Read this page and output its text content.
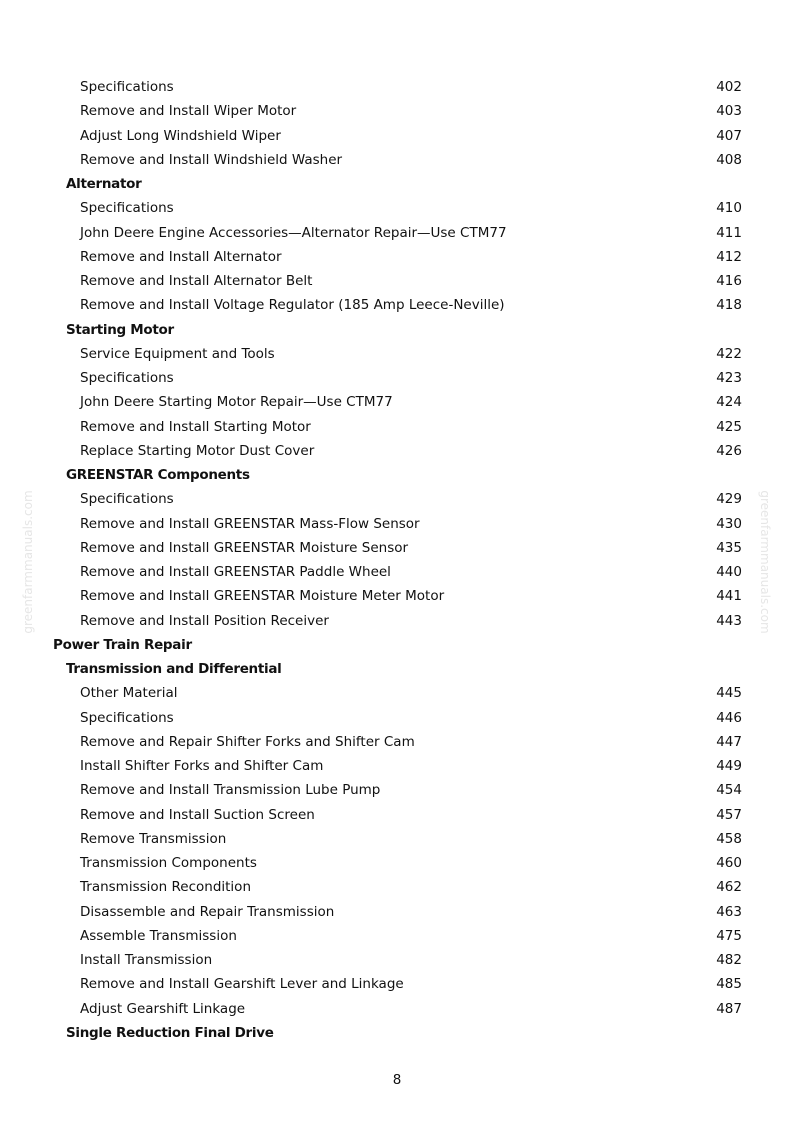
greenfarmmanuals.com	greenfarmmanuals.com
Specifications	402
Remove and Install Wiper Motor	403
Adjust Long Windshield Wiper	407
Remove and Install Windshield Washer	408
Alternator
Specifications	410
John Deere Engine Accessories—Alternator Repair—Use CTM77	411
Remove and Install Alternator	412
Remove and Install Alternator Belt	416
Remove and Install Voltage Regulator (185 Amp Leece-Neville)	418
Starting Motor
Service Equipment and Tools	422
Specifications	423
John Deere Starting Motor Repair—Use CTM77	424
Remove and Install Starting Motor	425
Replace Starting Motor Dust Cover	426
GREENSTAR Components
Specifications	429
Remove and Install GREENSTAR Mass-Flow Sensor	430
Remove and Install GREENSTAR Moisture Sensor	435
Remove and Install GREENSTAR Paddle Wheel	440
Remove and Install GREENSTAR Moisture Meter Motor	441
Remove and Install Position Receiver	443
Power Train Repair
Transmission and Differential
Other Material	445
Specifications	446
Remove and Repair Shifter Forks and Shifter Cam	447
Install Shifter Forks and Shifter Cam	449
Remove and Install Transmission Lube Pump	454
Remove and Install Suction Screen	457
Remove Transmission	458
Transmission Components	460
Transmission Recondition	462
Disassemble and Repair Transmission	463
Assemble Transmission	475
Install Transmission	482
Remove and Install Gearshift Lever and Linkage	485
Adjust Gearshift Linkage	487
Single Reduction Final Drive
8
